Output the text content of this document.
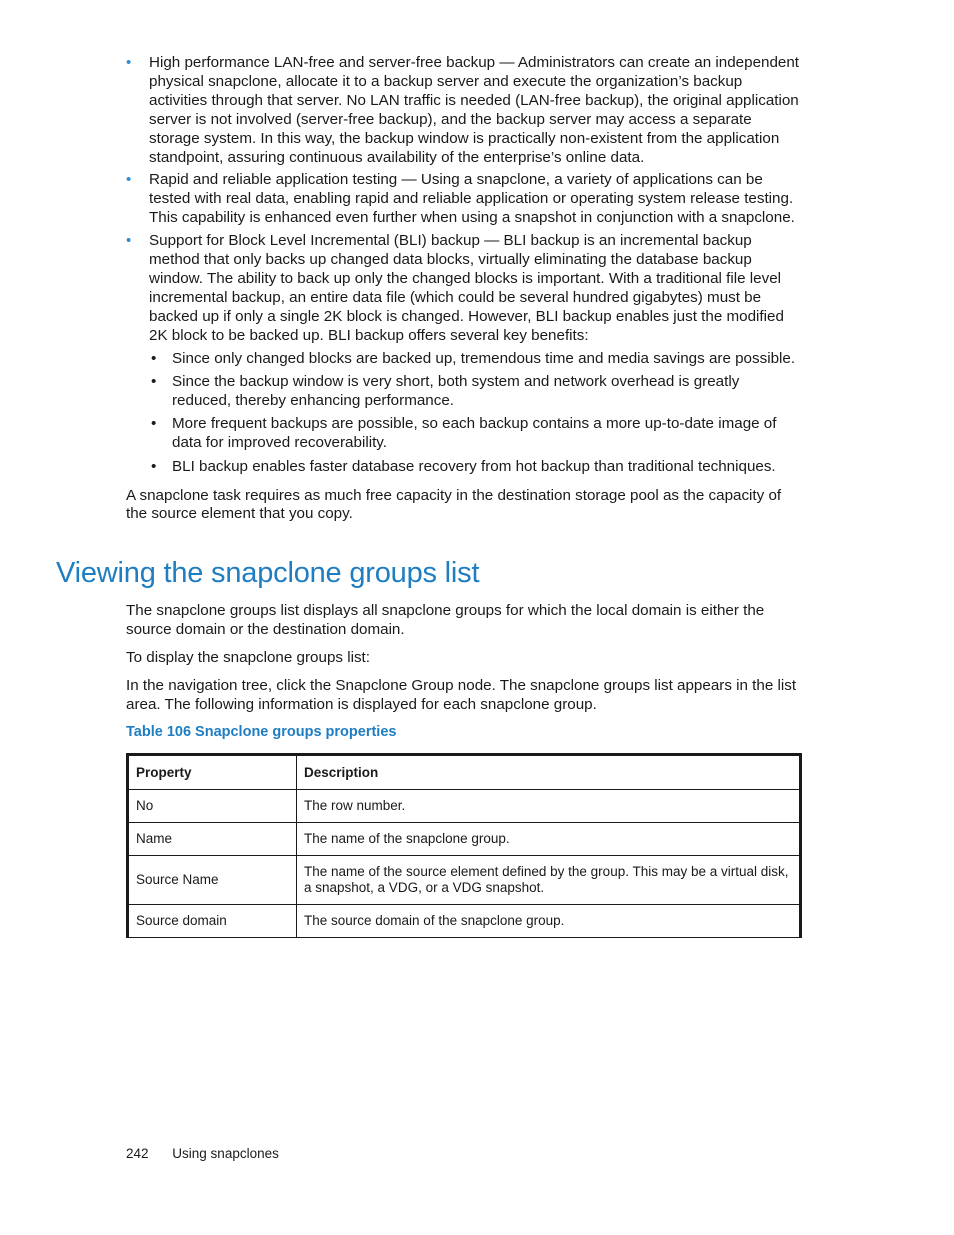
• High performance LAN-free and server-free backup — Administrators can create an independent physical snapclone, allocate it to a backup server and execute the organization’s backup activities through that server. No LAN traffic is needed (LAN-free backup), the original application server is not involved (server-free backup), and the backup server may access a separate storage system. In this way, the backup window is practically non-existent from the application standpoint, assuring continuous availability of the enterprise’s online data.
• Rapid and reliable application testing — Using a snapclone, a variety of applications can be tested with real data, enabling rapid and reliable application or operating system release testing. This capability is enhanced even further when using a snapshot in conjunction with a snapclone.
• Support for Block Level Incremental (BLI) backup — BLI backup is an incremental backup method that only backs up changed data blocks, virtually eliminating the database backup window. The ability to back up only the changed blocks is important. With a traditional file level incremental backup, an entire data file (which could be several hundred gigabytes) must be backed up if only a single 2K block is changed. However, BLI backup enables just the modified 2K block to be backed up. BLI backup offers several key benefits:
• Since only changed blocks are backed up, tremendous time and media savings are possible.
• Since the backup window is very short, both system and network overhead is greatly reduced, thereby enhancing performance.
• More frequent backups are possible, so each backup contains a more up-to-date image of data for improved recoverability.
• BLI backup enables faster database recovery from hot backup than traditional techniques.

A snapclone task requires as much free capacity in the destination storage pool as the capacity of the source element that you copy.

Viewing the snapclone groups list

The snapclone groups list displays all snapclone groups for which the local domain is either the source domain or the destination domain.

To display the snapclone groups list:

In the navigation tree, click the Snapclone Group node. The snapclone groups list appears in the list area. The following information is displayed for each snapclone group.

Table 106 Snapclone groups properties

Property	Description
No	The row number.
Name	The name of the snapclone group.
Source Name	The name of the source element defined by the group. This may be a virtual disk, a snapshot, a VDG, or a VDG snapshot.
Source domain	The source domain of the snapclone group.
242 Using snapclones
